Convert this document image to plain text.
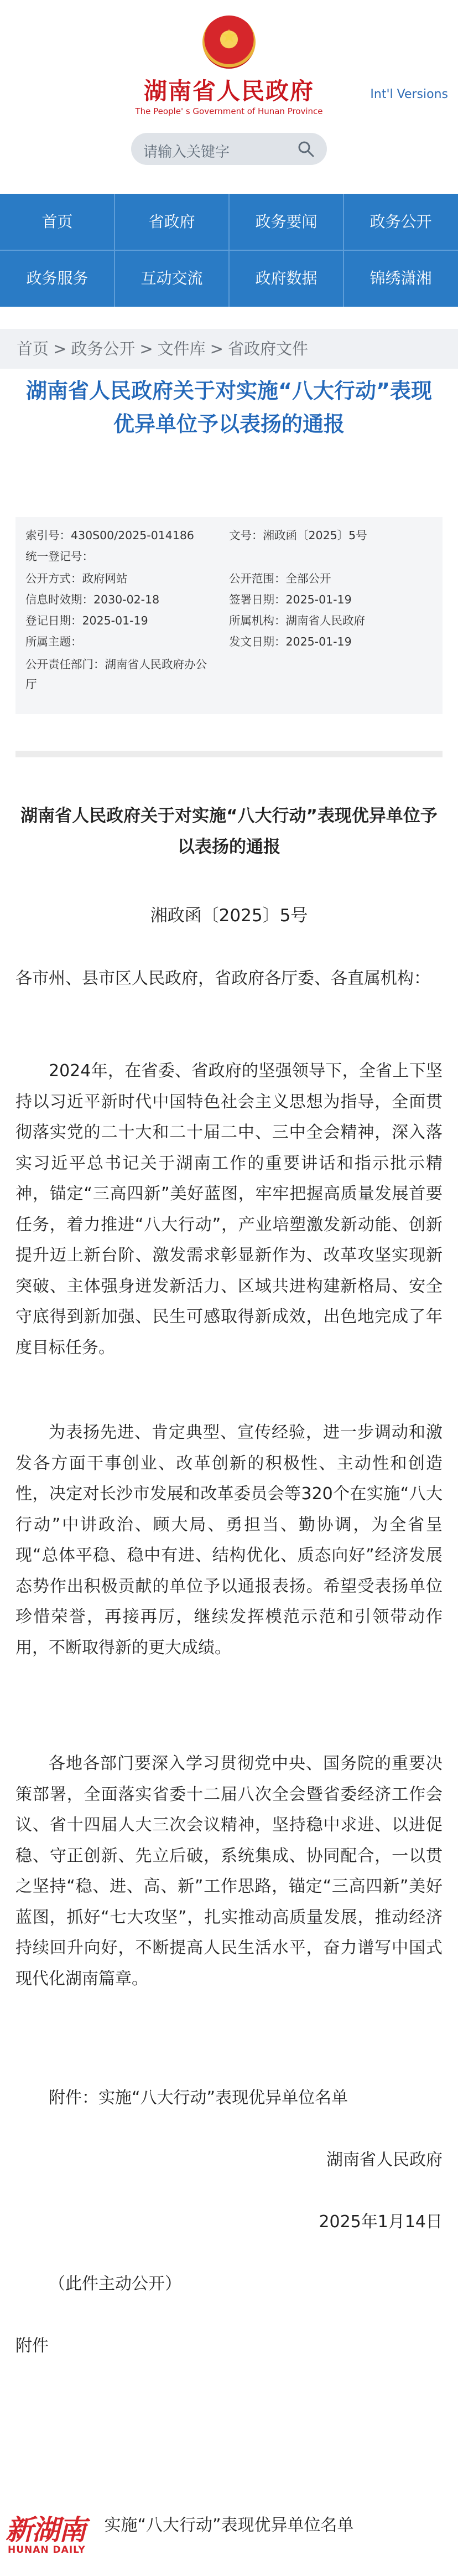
★
湖南省人民政府
The People' s Government of Hunan Province
Int'l Versions
请输入关键字
首页	省政府	政务要闻	政务公开
政务服务	互动交流	政府数据	锦绣潇湘
首页 > 政务公开 > 文件库 > 省政府文件
湖南省人民政府关于对实施“八大行动”表现优异单位予以表扬的通报
索引号：430S00/2025-014186	文号：湘政函〔2025〕5号
统一登记号：
公开方式：政府网站	公开范围：全部公开
信息时效期：2030-02-18	签署日期：2025-01-19
登记日期：2025-01-19	所属机构：湖南省人民政府
所属主题：	发文日期：2025-01-19
公开责任部门：湖南省人民政府办公厅
湖南省人民政府关于对实施“八大行动”表现优异单位予以表扬的通报
湘政函〔2025〕5号
各市州、县市区人民政府，省政府各厅委、各直属机构：
2024年，在省委、省政府的坚强领导下，全省上下坚持以习近平新时代中国特色社会主义思想为指导，全面贯彻落实党的二十大和二十届二中、三中全会精神，深入落实习近平总书记关于湖南工作的重要讲话和指示批示精神，锚定“三高四新”美好蓝图，牢牢把握高质量发展首要任务，着力推进“八大行动”，产业培塑激发新动能、创新提升迈上新台阶、激发需求彰显新作为、改革攻坚实现新突破、主体强身迸发新活力、区域共进构建新格局、安全守底得到新加强、民生可感取得新成效，出色地完成了年度目标任务。
为表扬先进、肯定典型、宣传经验，进一步调动和激发各方面干事创业、改革创新的积极性、主动性和创造性，决定对长沙市发展和改革委员会等320个在实施“八大行动”中讲政治、顾大局、勇担当、勤协调，为全省呈现“总体平稳、稳中有进、结构优化、质态向好”经济发展态势作出积极贡献的单位予以通报表扬。希望受表扬单位珍惜荣誉，再接再厉，继续发挥模范示范和引领带动作用，不断取得新的更大成绩。
各地各部门要深入学习贯彻党中央、国务院的重要决策部署，全面落实省委十二届八次全会暨省委经济工作会议、省十四届人大三次会议精神，坚持稳中求进、以进促稳、守正创新、先立后破，系统集成、协同配合，一以贯之坚持“稳、进、高、新”工作思路，锚定“三高四新”美好蓝图，抓好“七大攻坚”，扎实推动高质量发展，推动经济持续回升向好，不断提高人民生活水平，奋力谱写中国式现代化湖南篇章。
附件：实施“八大行动”表现优异单位名单
湖南省人民政府
2025年1月14日
（此件主动公开）
附件
实施“八大行动”表现优异单位名单
新湖南
HUNAN DAILY
